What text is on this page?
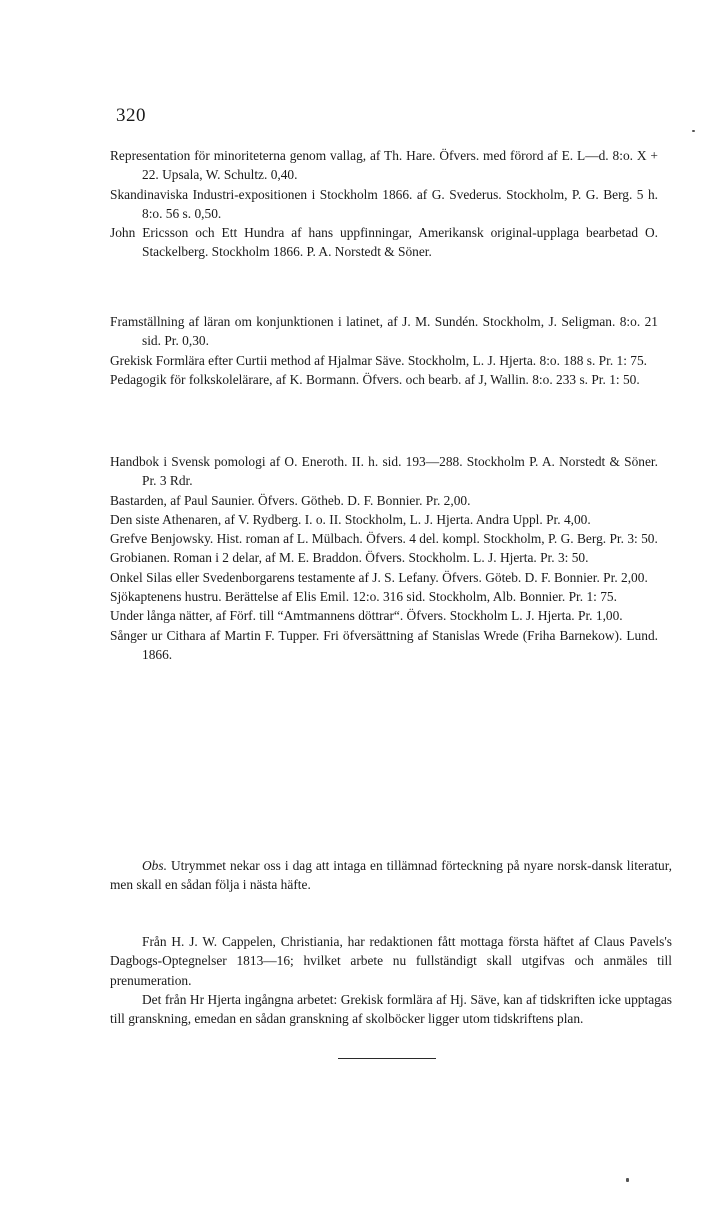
320
Representation för minoriteterna genom vallag, af Th. Hare. Öfvers. med förord af E. L—d. 8:o. X + 22. Upsala, W. Schultz. 0,40.
Skandinaviska Industri-expositionen i Stockholm 1866. af G. Svederus. Stockholm, P. G. Berg. 5 h. 8:o. 56 s. 0,50.
John Ericsson och Ett Hundra af hans uppfinningar, Amerikansk original-upplaga bearbetad O. Stackelberg. Stockholm 1866. P. A. Norstedt & Söner.
Framställning af läran om konjunktionen i latinet, af J. M. Sundén. Stockholm, J. Seligman. 8:o. 21 sid. Pr. 0,30.
Grekisk Formlära efter Curtii method af Hjalmar Säve. Stockholm, L. J. Hjerta. 8:o. 188 s. Pr. 1: 75.
Pedagogik för folkskolelärare, af K. Bormann. Öfvers. och bearb. af J, Wallin. 8:o. 233 s. Pr. 1: 50.
Handbok i Svensk pomologi af O. Eneroth. II. h. sid. 193—288. Stockholm P. A. Norstedt & Söner. Pr. 3 Rdr.
Bastarden, af Paul Saunier. Öfvers. Götheb. D. F. Bonnier. Pr. 2,00.
Den siste Athenaren, af V. Rydberg. I. o. II. Stockholm, L. J. Hjerta. Andra Uppl. Pr. 4,00.
Grefve Benjowsky. Hist. roman af L. Mülbach. Öfvers. 4 del. kompl. Stockholm, P. G. Berg. Pr. 3: 50.
Grobianen. Roman i 2 delar, af M. E. Braddon. Öfvers. Stockholm. L. J. Hjerta. Pr. 3: 50.
Onkel Silas eller Svedenborgarens testamente af J. S. Lefany. Öfvers. Göteb. D. F. Bonnier. Pr. 2,00.
Sjökaptenens hustru. Berättelse af Elis Emil. 12:o. 316 sid. Stockholm, Alb. Bonnier. Pr. 1: 75.
Under långa nätter, af Förf. till “Amtmannens döttrar“. Öfvers. Stockholm L. J. Hjerta. Pr. 1,00.
Sånger ur Cithara af Martin F. Tupper. Fri öfversättning af Stanislas Wrede (Friha Barnekow). Lund. 1866.

Obs. Utrymmet nekar oss i dag att intaga en tillämnad förteckning på nyare norsk-dansk literatur, men skall en sådan följa i nästa häfte.

Från H. J. W. Cappelen, Christiania, har redaktionen fått mottaga första häftet af Claus Pavels's Dagbogs-Optegnelser 1813—16; hvilket arbete nu fullständigt skall utgifvas och anmäles till prenumeration.

Det från Hr Hjerta ingångna arbetet: Grekisk formlära af Hj. Säve, kan af tidskriften icke upptagas till granskning, emedan en sådan granskning af skolböcker ligger utom tidskriftens plan.
